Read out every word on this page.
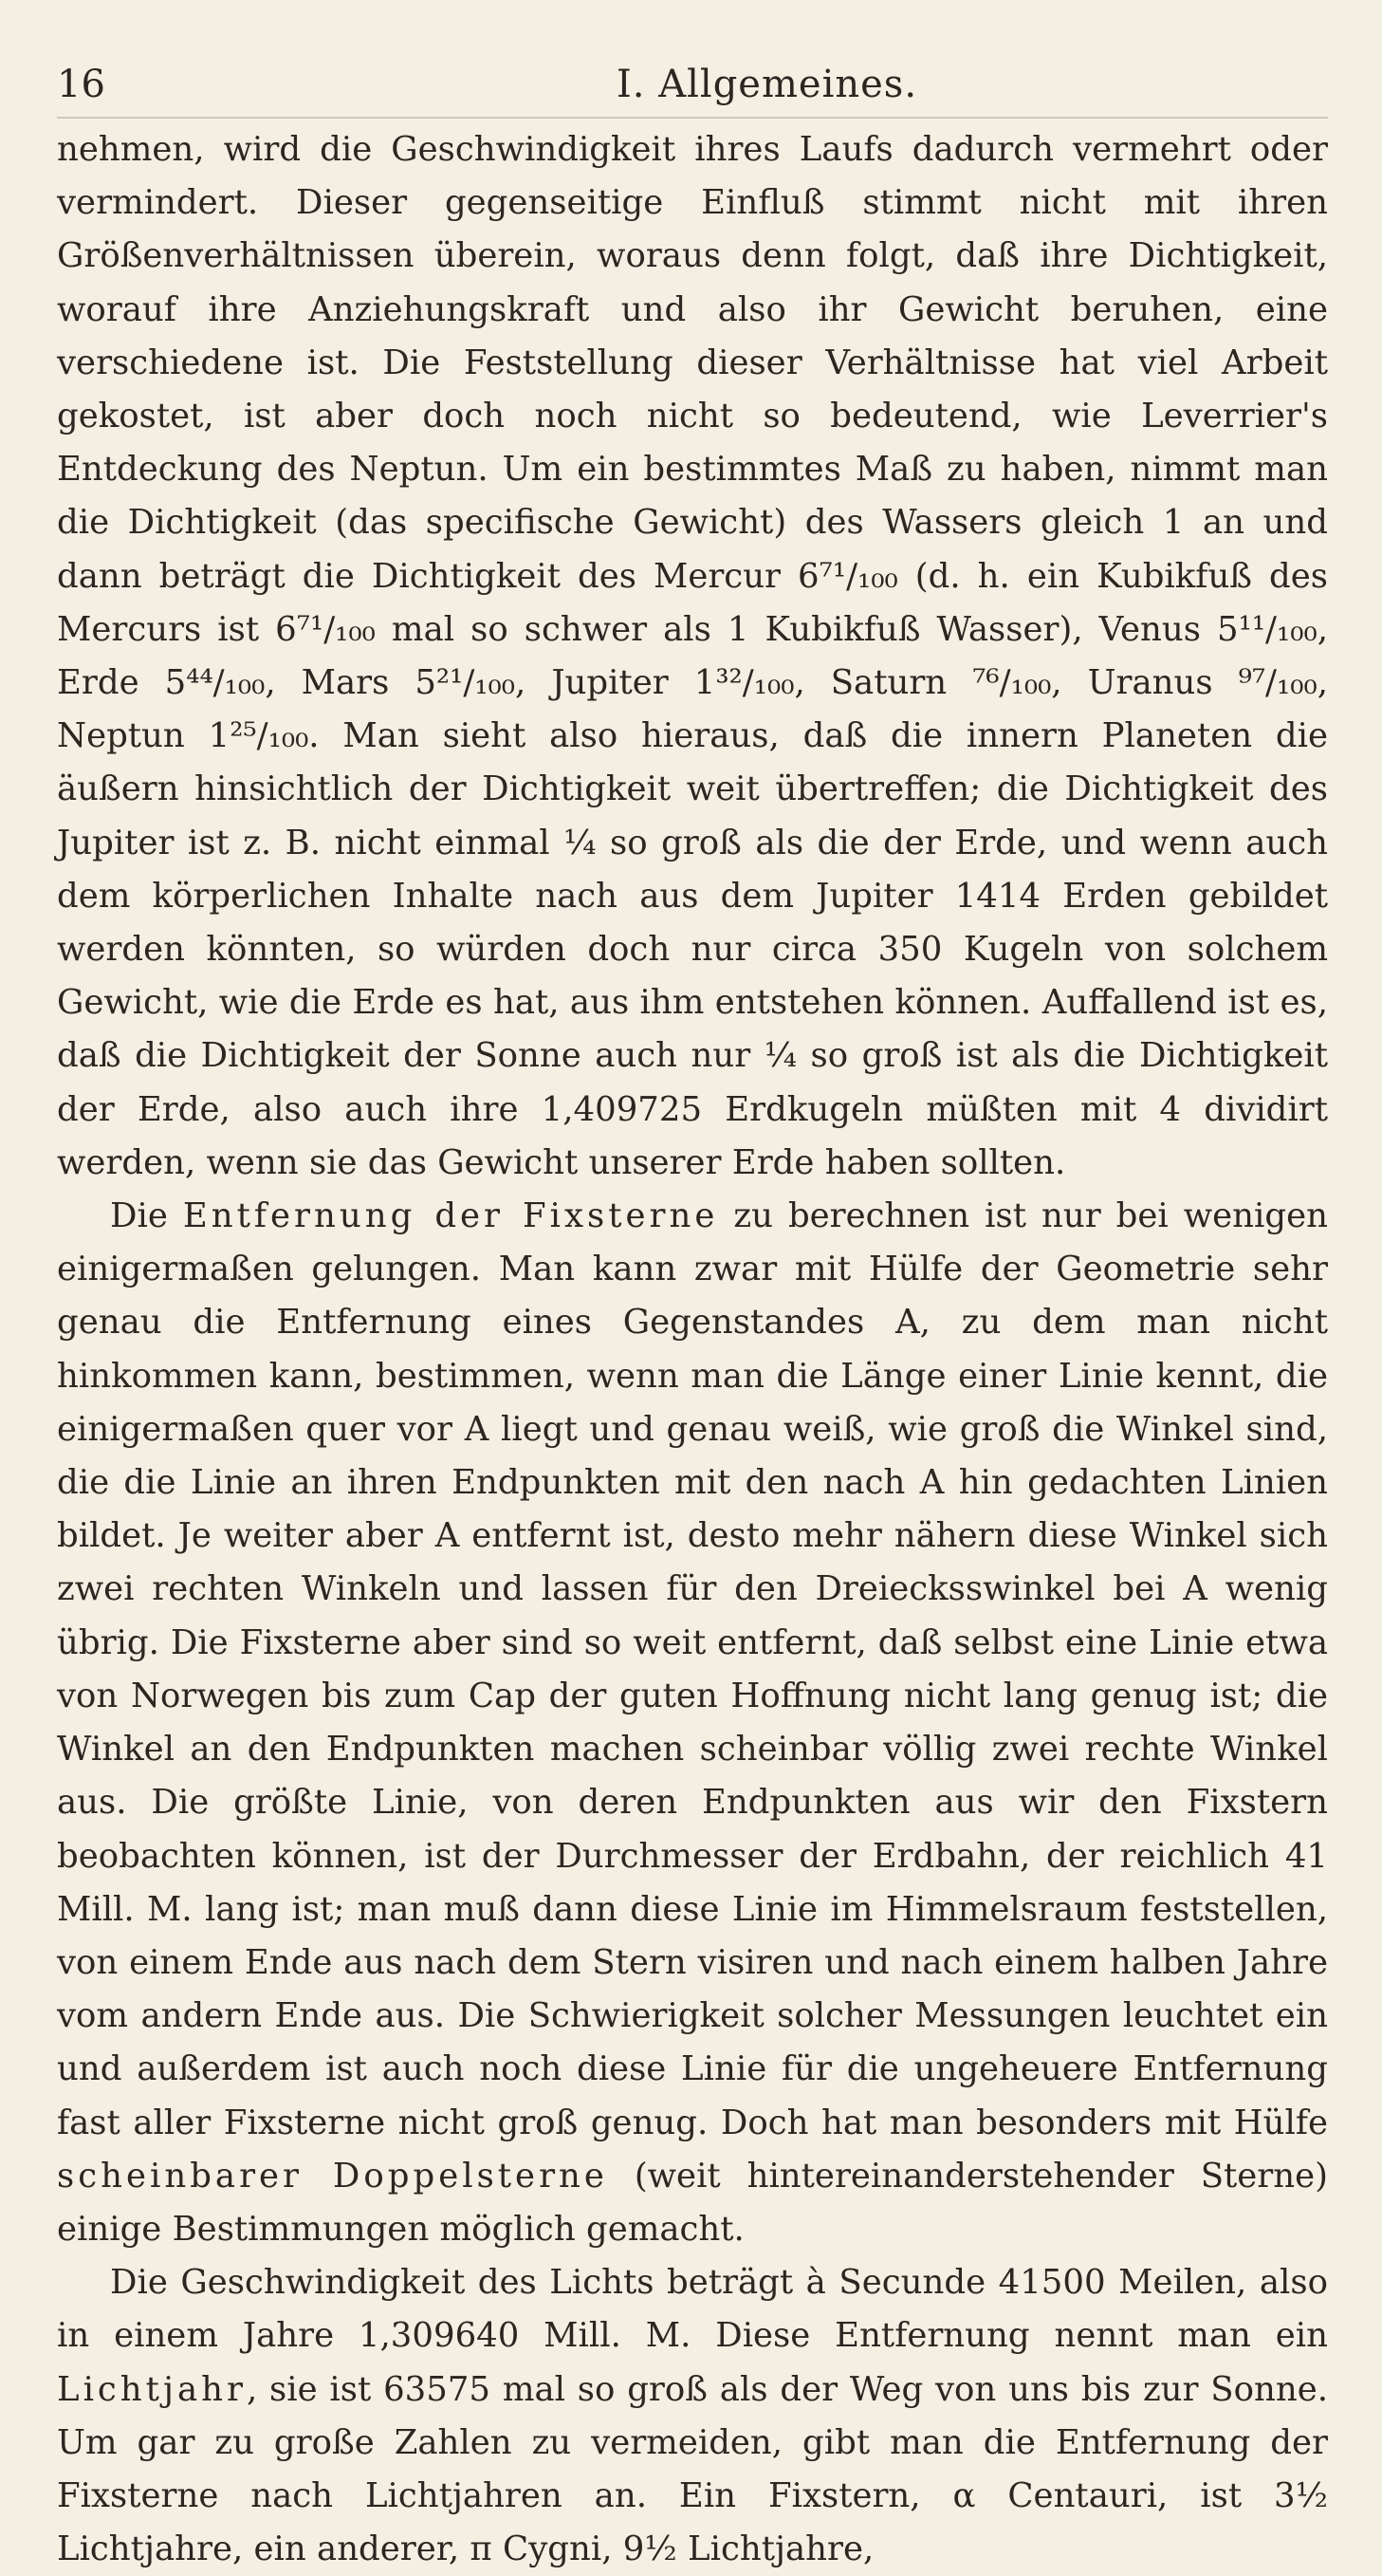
16	I. Allgemeines.

nehmen, wird die Geschwindigkeit ihres Laufs dadurch vermehrt oder vermindert. Dieser gegenseitige Einfluß stimmt nicht mit ihren Größenverhältnissen überein, woraus denn folgt, daß ihre Dichtigkeit, worauf ihre Anziehungskraft und also ihr Gewicht beruhen, eine verschiedene ist. Die Feststellung dieser Verhältnisse hat viel Arbeit gekostet, ist aber doch noch nicht so bedeutend, wie Leverrier's Entdeckung des Neptun. Um ein bestimmtes Maß zu haben, nimmt man die Dichtigkeit (das specifische Gewicht) des Wassers gleich 1 an und dann beträgt die Dichtigkeit des Mercur 6⁷¹/₁₀₀ (d. h. ein Kubikfuß des Mercurs ist 6⁷¹/₁₀₀ mal so schwer als 1 Kubikfuß Wasser), Venus 5¹¹/₁₀₀, Erde 5⁴⁴/₁₀₀, Mars 5²¹/₁₀₀, Jupiter 1³²/₁₀₀, Saturn ⁷⁶/₁₀₀, Uranus ⁹⁷/₁₀₀, Neptun 1²⁵/₁₀₀. Man sieht also hieraus, daß die innern Planeten die äußern hinsichtlich der Dichtigkeit weit übertreffen; die Dichtigkeit des Jupiter ist z. B. nicht einmal ¼ so groß als die der Erde, und wenn auch dem körperlichen Inhalte nach aus dem Jupiter 1414 Erden gebildet werden könnten, so würden doch nur circa 350 Kugeln von solchem Gewicht, wie die Erde es hat, aus ihm entstehen können. Auffallend ist es, daß die Dichtigkeit der Sonne auch nur ¼ so groß ist als die Dichtigkeit der Erde, also auch ihre 1,409725 Erdkugeln müßten mit 4 dividirt werden, wenn sie das Gewicht unserer Erde haben sollten.

Die Entfernung der Fixsterne zu berechnen ist nur bei wenigen einigermaßen gelungen. Man kann zwar mit Hülfe der Geometrie sehr genau die Entfernung eines Gegenstandes A, zu dem man nicht hinkommen kann, bestimmen, wenn man die Länge einer Linie kennt, die einigermaßen quer vor A liegt und genau weiß, wie groß die Winkel sind, die die Linie an ihren Endpunkten mit den nach A hin gedachten Linien bildet. Je weiter aber A entfernt ist, desto mehr nähern diese Winkel sich zwei rechten Winkeln und lassen für den Dreiecksswinkel bei A wenig übrig. Die Fixsterne aber sind so weit entfernt, daß selbst eine Linie etwa von Norwegen bis zum Cap der guten Hoffnung nicht lang genug ist; die Winkel an den Endpunkten machen scheinbar völlig zwei rechte Winkel aus. Die größte Linie, von deren Endpunkten aus wir den Fixstern beobachten können, ist der Durchmesser der Erdbahn, der reichlich 41 Mill. M. lang ist; man muß dann diese Linie im Himmelsraum feststellen, von einem Ende aus nach dem Stern visiren und nach einem halben Jahre vom andern Ende aus. Die Schwierigkeit solcher Messungen leuchtet ein und außerdem ist auch noch diese Linie für die ungeheuere Entfernung fast aller Fixsterne nicht groß genug. Doch hat man besonders mit Hülfe scheinbarer Doppelsterne (weit hintereinanderstehender Sterne) einige Bestimmungen möglich gemacht.

Die Geschwindigkeit des Lichts beträgt à Secunde 41500 Meilen, also in einem Jahre 1,309640 Mill. M. Diese Entfernung nennt man ein Lichtjahr, sie ist 63575 mal so groß als der Weg von uns bis zur Sonne. Um gar zu große Zahlen zu vermeiden, gibt man die Entfernung der Fixsterne nach Lichtjahren an. Ein Fixstern, α Centauri, ist 3½ Lichtjahre, ein anderer, π Cygni, 9½ Lichtjahre,
